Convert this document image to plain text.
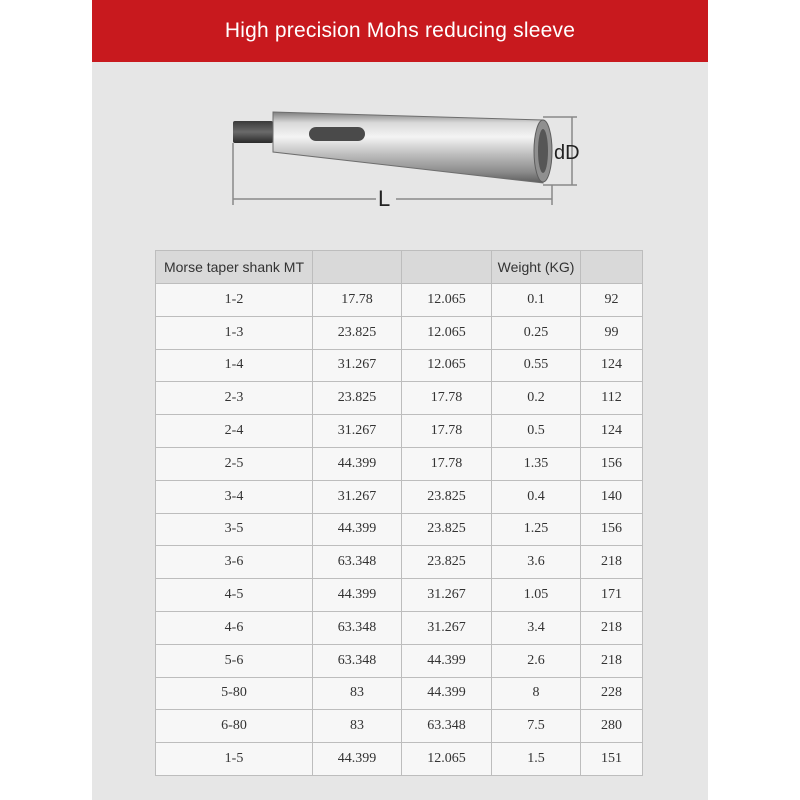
High precision Mohs reducing sleeve
dD
L
Morse taper shank MT			Weight (KG)	
1-2	17.78	12.065	0.1	92
1-3	23.825	12.065	0.25	99
1-4	31.267	12.065	0.55	124
2-3	23.825	17.78	0.2	112
2-4	31.267	17.78	0.5	124
2-5	44.399	17.78	1.35	156
3-4	31.267	23.825	0.4	140
3-5	44.399	23.825	1.25	156
3-6	63.348	23.825	3.6	218
4-5	44.399	31.267	1.05	171
4-6	63.348	31.267	3.4	218
5-6	63.348	44.399	2.6	218
5-80	83	44.399	8	228
6-80	83	63.348	7.5	280
1-5	44.399	12.065	1.5	151
